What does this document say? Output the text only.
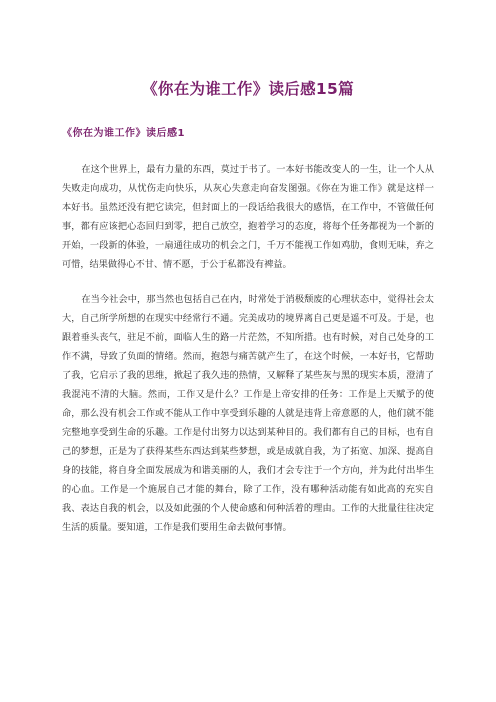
《你在为谁工作》读后感15篇
《你在为谁工作》读后感1

在这个世界上，最有力量的东西，莫过于书了。一本好书能改变人的一生，让一个人从失败走向成功，从忧伤走向快乐，从灰心失意走向奋发图强。《你在为谁工作》就是这样一本好书。虽然还没有把它读完，但封面上的一段话给我很大的感悟，在工作中，不管做任何事，都有应该把心态回归到零，把自己放空，抱着学习的态度，将每个任务都视为一个新的开始，一段新的体验，一扇通往成功的机会之门，千万不能视工作如鸡肋，食则无味，弃之可惜，结果做得心不甘、情不愿，于公于私都没有裨益。

在当今社会中，那当然也包括自己在内，时常处于消极颓废的心理状态中，觉得社会太大，自己所学所想的在现实中经常行不通。完美成功的境界离自己更是遥不可及。于是，也跟着垂头丧气，驻足不前，面临人生的路一片茫然，不知所措。也有时候，对自己处身的工作不满，导致了负面的情绪。然而，抱怨与痛苦就产生了，在这个时候，一本好书，它帮助了我，它启示了我的思维，掀起了我久违的热情，又解释了某些灰与黑的现实本质，澄清了我混沌不清的大脑。然而，工作又是什么？工作是上帝安排的任务：工作是上天赋予的使命，那么没有机会工作或不能从工作中享受到乐趣的人就是违背上帝意愿的人，他们就不能完整地享受到生命的乐趣。工作是付出努力以达到某种目的。我们都有自己的目标，也有自己的梦想，正是为了获得某些东西达到某些梦想，或是成就自我，为了拓宽、加深、提高自身的技能，将自身全面发展成为和谐美丽的人，我们才会专注于一个方向，并为此付出毕生的心血。工作是一个施展自己才能的舞台，除了工作，没有哪种活动能有如此高的充实自我、表达自我的机会，以及如此强的个人使命感和何种活着的理由。工作的大批量往往决定生活的质量。要知道，工作是我们要用生命去做何事情。
